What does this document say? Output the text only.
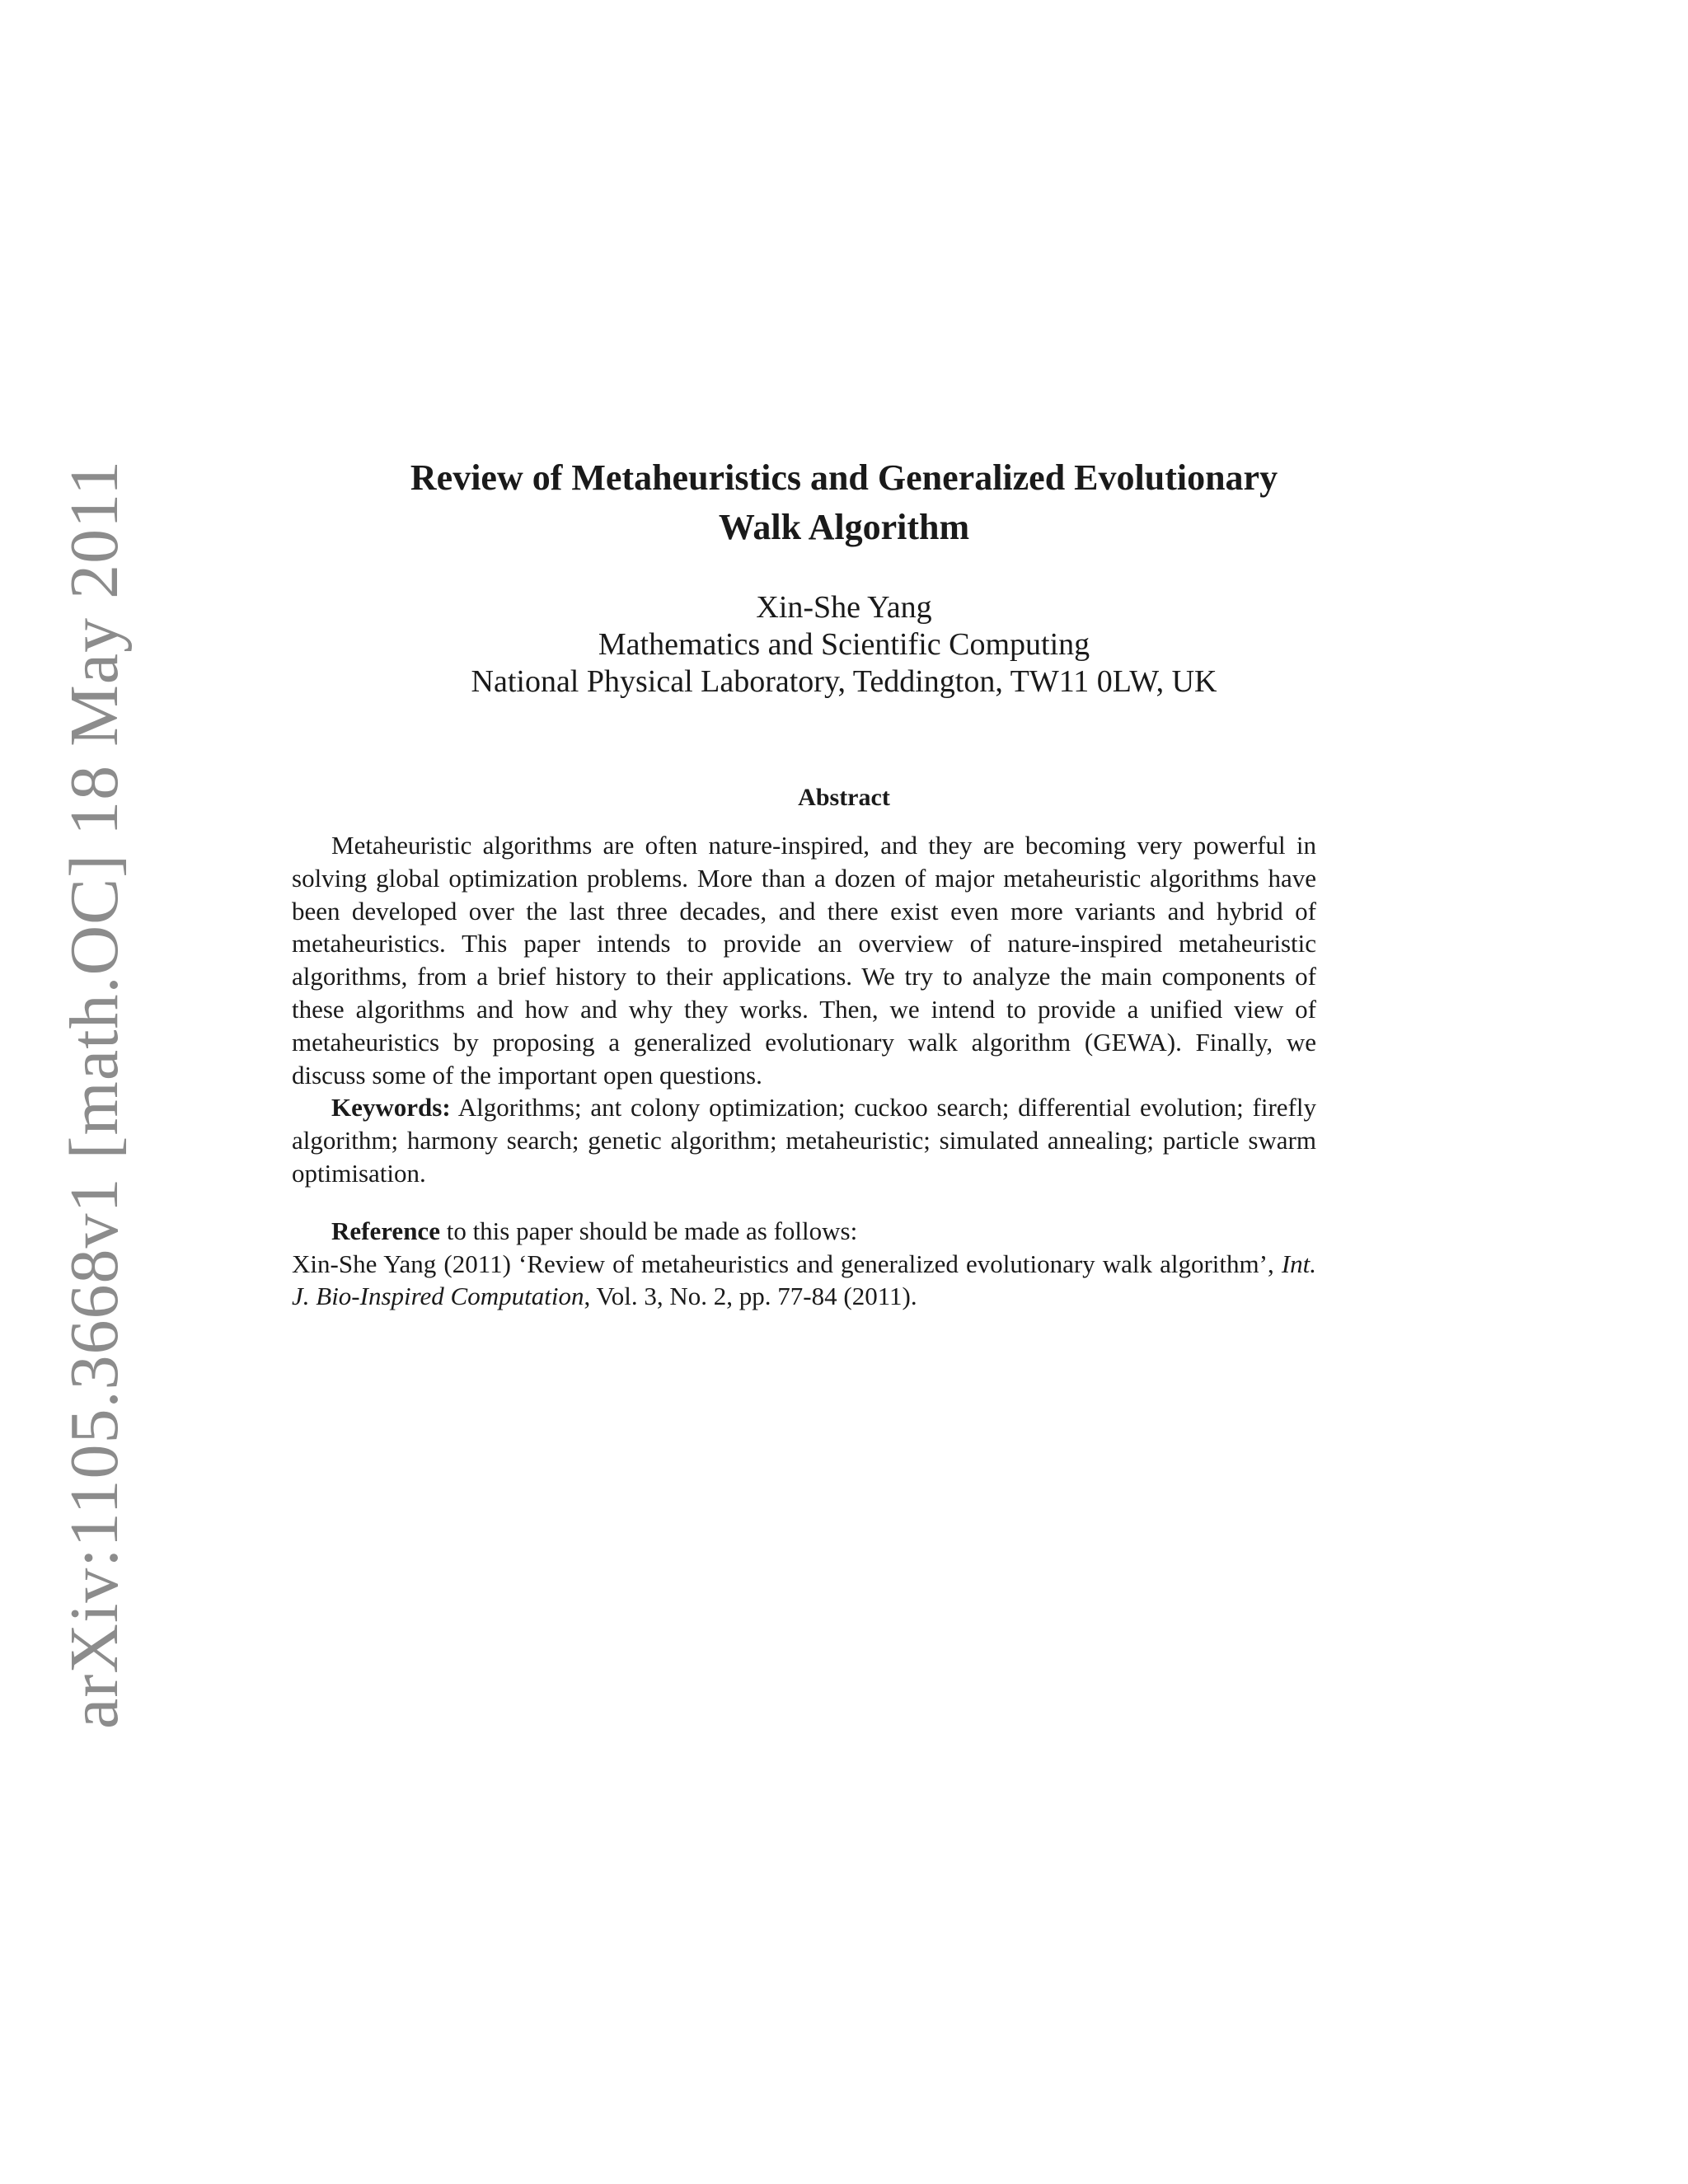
arXiv:1105.3668v1 [math.OC] 18 May 2011	Review of Metaheuristics and Generalized Evolutionary
Walk Algorithm
Xin-She Yang
Mathematics and Scientific Computing
National Physical Laboratory, Teddington, TW11 0LW, UK
Abstract

Metaheuristic algorithms are often nature-inspired, and they are becoming very powerful in solving global optimization problems. More than a dozen of major metaheuristic algorithms have been developed over the last three decades, and there exist even more variants and hybrid of metaheuristics. This paper intends to provide an overview of nature-inspired metaheuristic algorithms, from a brief history to their applications. We try to analyze the main components of these algorithms and how and why they works. Then, we intend to provide a unified view of metaheuristics by proposing a generalized evolutionary walk algorithm (GEWA). Finally, we discuss some of the important open questions.

Keywords: Algorithms; ant colony optimization; cuckoo search; differential evolution; firefly algorithm; harmony search; genetic algorithm; metaheuristic; simulated annealing; particle swarm optimisation.

Reference to this paper should be made as follows:

Xin-She Yang (2011) ‘Review of metaheuristics and generalized evolutionary walk algorithm’, Int. J. Bio-Inspired Computation, Vol. 3, No. 2, pp. 77-84 (2011).
